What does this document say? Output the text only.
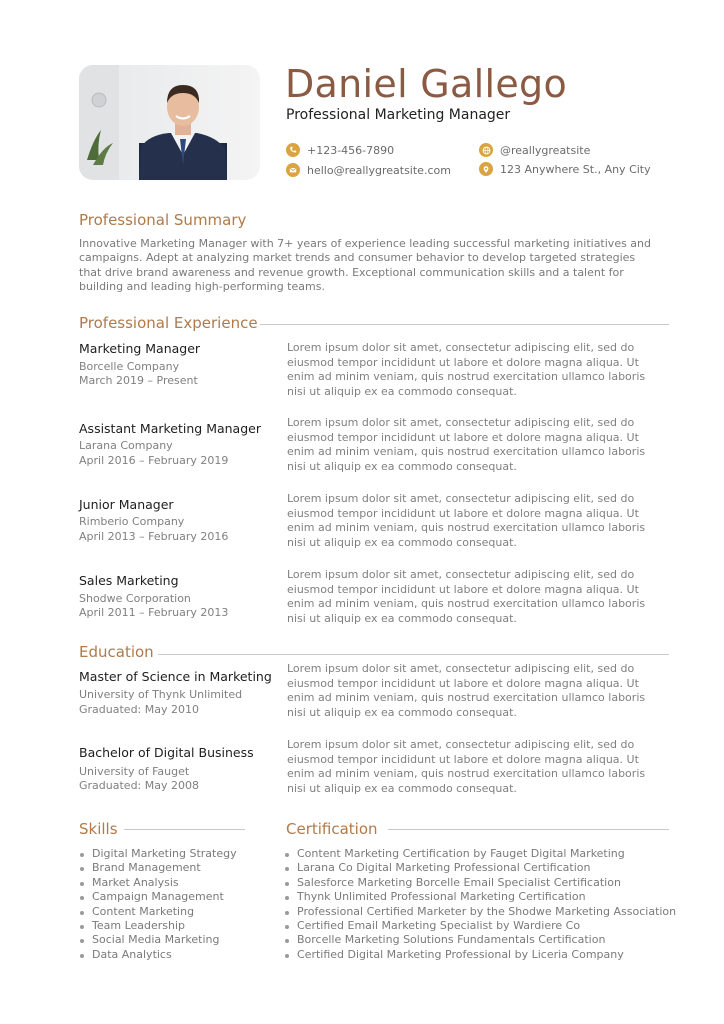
Daniel Gallego
Professional Marketing Manager
+123-456-7890
hello@reallygreatsite.com
@reallygreatsite
123 Anywhere St., Any City
Professional Summary
Innovative Marketing Manager with 7+ years of experience leading successful marketing initiatives and campaigns. Adept at analyzing market trends and consumer behavior to develop targeted strategies that drive brand awareness and revenue growth. Exceptional communication skills and a talent for building and leading high-performing teams.
Professional Experience
Marketing Manager
Borcelle Company
March 2019 – Present
Lorem ipsum dolor sit amet, consectetur adipiscing elit, sed do eiusmod tempor incididunt ut labore et dolore magna aliqua. Ut enim ad minim veniam, quis nostrud exercitation ullamco laboris nisi ut aliquip ex ea commodo consequat.
Assistant Marketing Manager
Larana Company
April 2016 – February 2019
Lorem ipsum dolor sit amet, consectetur adipiscing elit, sed do eiusmod tempor incididunt ut labore et dolore magna aliqua. Ut enim ad minim veniam, quis nostrud exercitation ullamco laboris nisi ut aliquip ex ea commodo consequat.
Junior Manager
Rimberio Company
April 2013 – February 2016
Lorem ipsum dolor sit amet, consectetur adipiscing elit, sed do eiusmod tempor incididunt ut labore et dolore magna aliqua. Ut enim ad minim veniam, quis nostrud exercitation ullamco laboris nisi ut aliquip ex ea commodo consequat.
Sales Marketing
Shodwe Corporation
April 2011 – February 2013
Lorem ipsum dolor sit amet, consectetur adipiscing elit, sed do eiusmod tempor incididunt ut labore et dolore magna aliqua. Ut enim ad minim veniam, quis nostrud exercitation ullamco laboris nisi ut aliquip ex ea commodo consequat.
Education
Master of Science in Marketing
University of Thynk Unlimited
Graduated: May 2010
Lorem ipsum dolor sit amet, consectetur adipiscing elit, sed do eiusmod tempor incididunt ut labore et dolore magna aliqua. Ut enim ad minim veniam, quis nostrud exercitation ullamco laboris nisi ut aliquip ex ea commodo consequat.
Bachelor of Digital Business
University of Fauget
Graduated: May 2008
Lorem ipsum dolor sit amet, consectetur adipiscing elit, sed do eiusmod tempor incididunt ut labore et dolore magna aliqua. Ut enim ad minim veniam, quis nostrud exercitation ullamco laboris nisi ut aliquip ex ea commodo consequat.
Skills
Digital Marketing Strategy
Brand Management
Market Analysis
Campaign Management
Content Marketing
Team Leadership
Social Media Marketing
Data Analytics
Certification
Content Marketing Certification by Fauget Digital Marketing
Larana Co Digital Marketing Professional Certification
Salesforce Marketing Borcelle Email Specialist Certification
Thynk Unlimited Professional Marketing Certification
Professional Certified Marketer by the Shodwe Marketing Association
Certified Email Marketing Specialist by Wardiere Co
Borcelle Marketing Solutions Fundamentals Certification
Certified Digital Marketing Professional by Liceria Company
